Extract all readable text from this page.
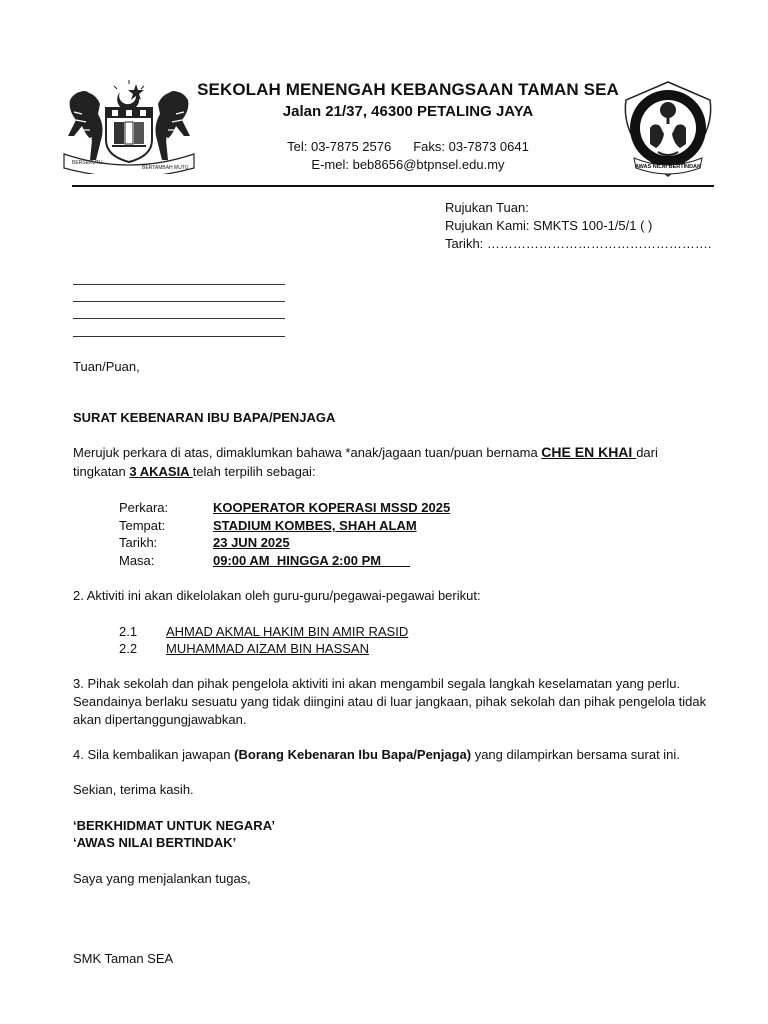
BERSEKUTU
BERTAMBAH MUTU
SEKOLAH MENENGAH KEBANGSAAN TAMAN SEA
Jalan 21/37, 46300 PETALING JAYA
Tel: 03-7875 2576 Faks: 03-7873 0641
E-mel: beb8656@btpnsel.edu.my	AWAS NILAI BERTINDAK
Rujukan Tuan:
Rujukan Kami: SMKTS 100-1/5/1 ( )
Tarikh: …………………………………………….
Tuan/Puan,
SURAT KEBENARAN IBU BAPA/PENJAGA
Merujuk perkara di atas, dimaklumkan bahawa *anak/jagaan tuan/puan bernama CHE EN KHAI dari
tingkatan 3 AKASIA telah terpilih sebagai:
Perkara:	KOOPERATOR KOPERASI MSSD 2025
Tempat:	STADIUM KOMBES, SHAH ALAM
Tarikh:	23 JUN 2025
Masa:	09:00 AM  HINGGA 2:00 PM
2. Aktiviti ini akan dikelolakan oleh guru-guru/pegawai-pegawai berikut:
2.1	AHMAD AKMAL HAKIM BIN AMIR RASID
2.2	MUHAMMAD AIZAM BIN HASSAN
3. Pihak sekolah dan pihak pengelola aktiviti ini akan mengambil segala langkah keselamatan yang perlu.
Seandainya berlaku sesuatu yang tidak diingini atau di luar jangkaan, pihak sekolah dan pihak pengelola tidak
akan dipertanggungjawabkan.
4. Sila kembalikan jawapan (Borang Kebenaran Ibu Bapa/Penjaga) yang dilampirkan bersama surat ini.
Sekian, terima kasih.
‘BERKHIDMAT UNTUK NEGARA’
‘AWAS NILAI BERTINDAK’
Saya yang menjalankan tugas,
SMK Taman SEA
